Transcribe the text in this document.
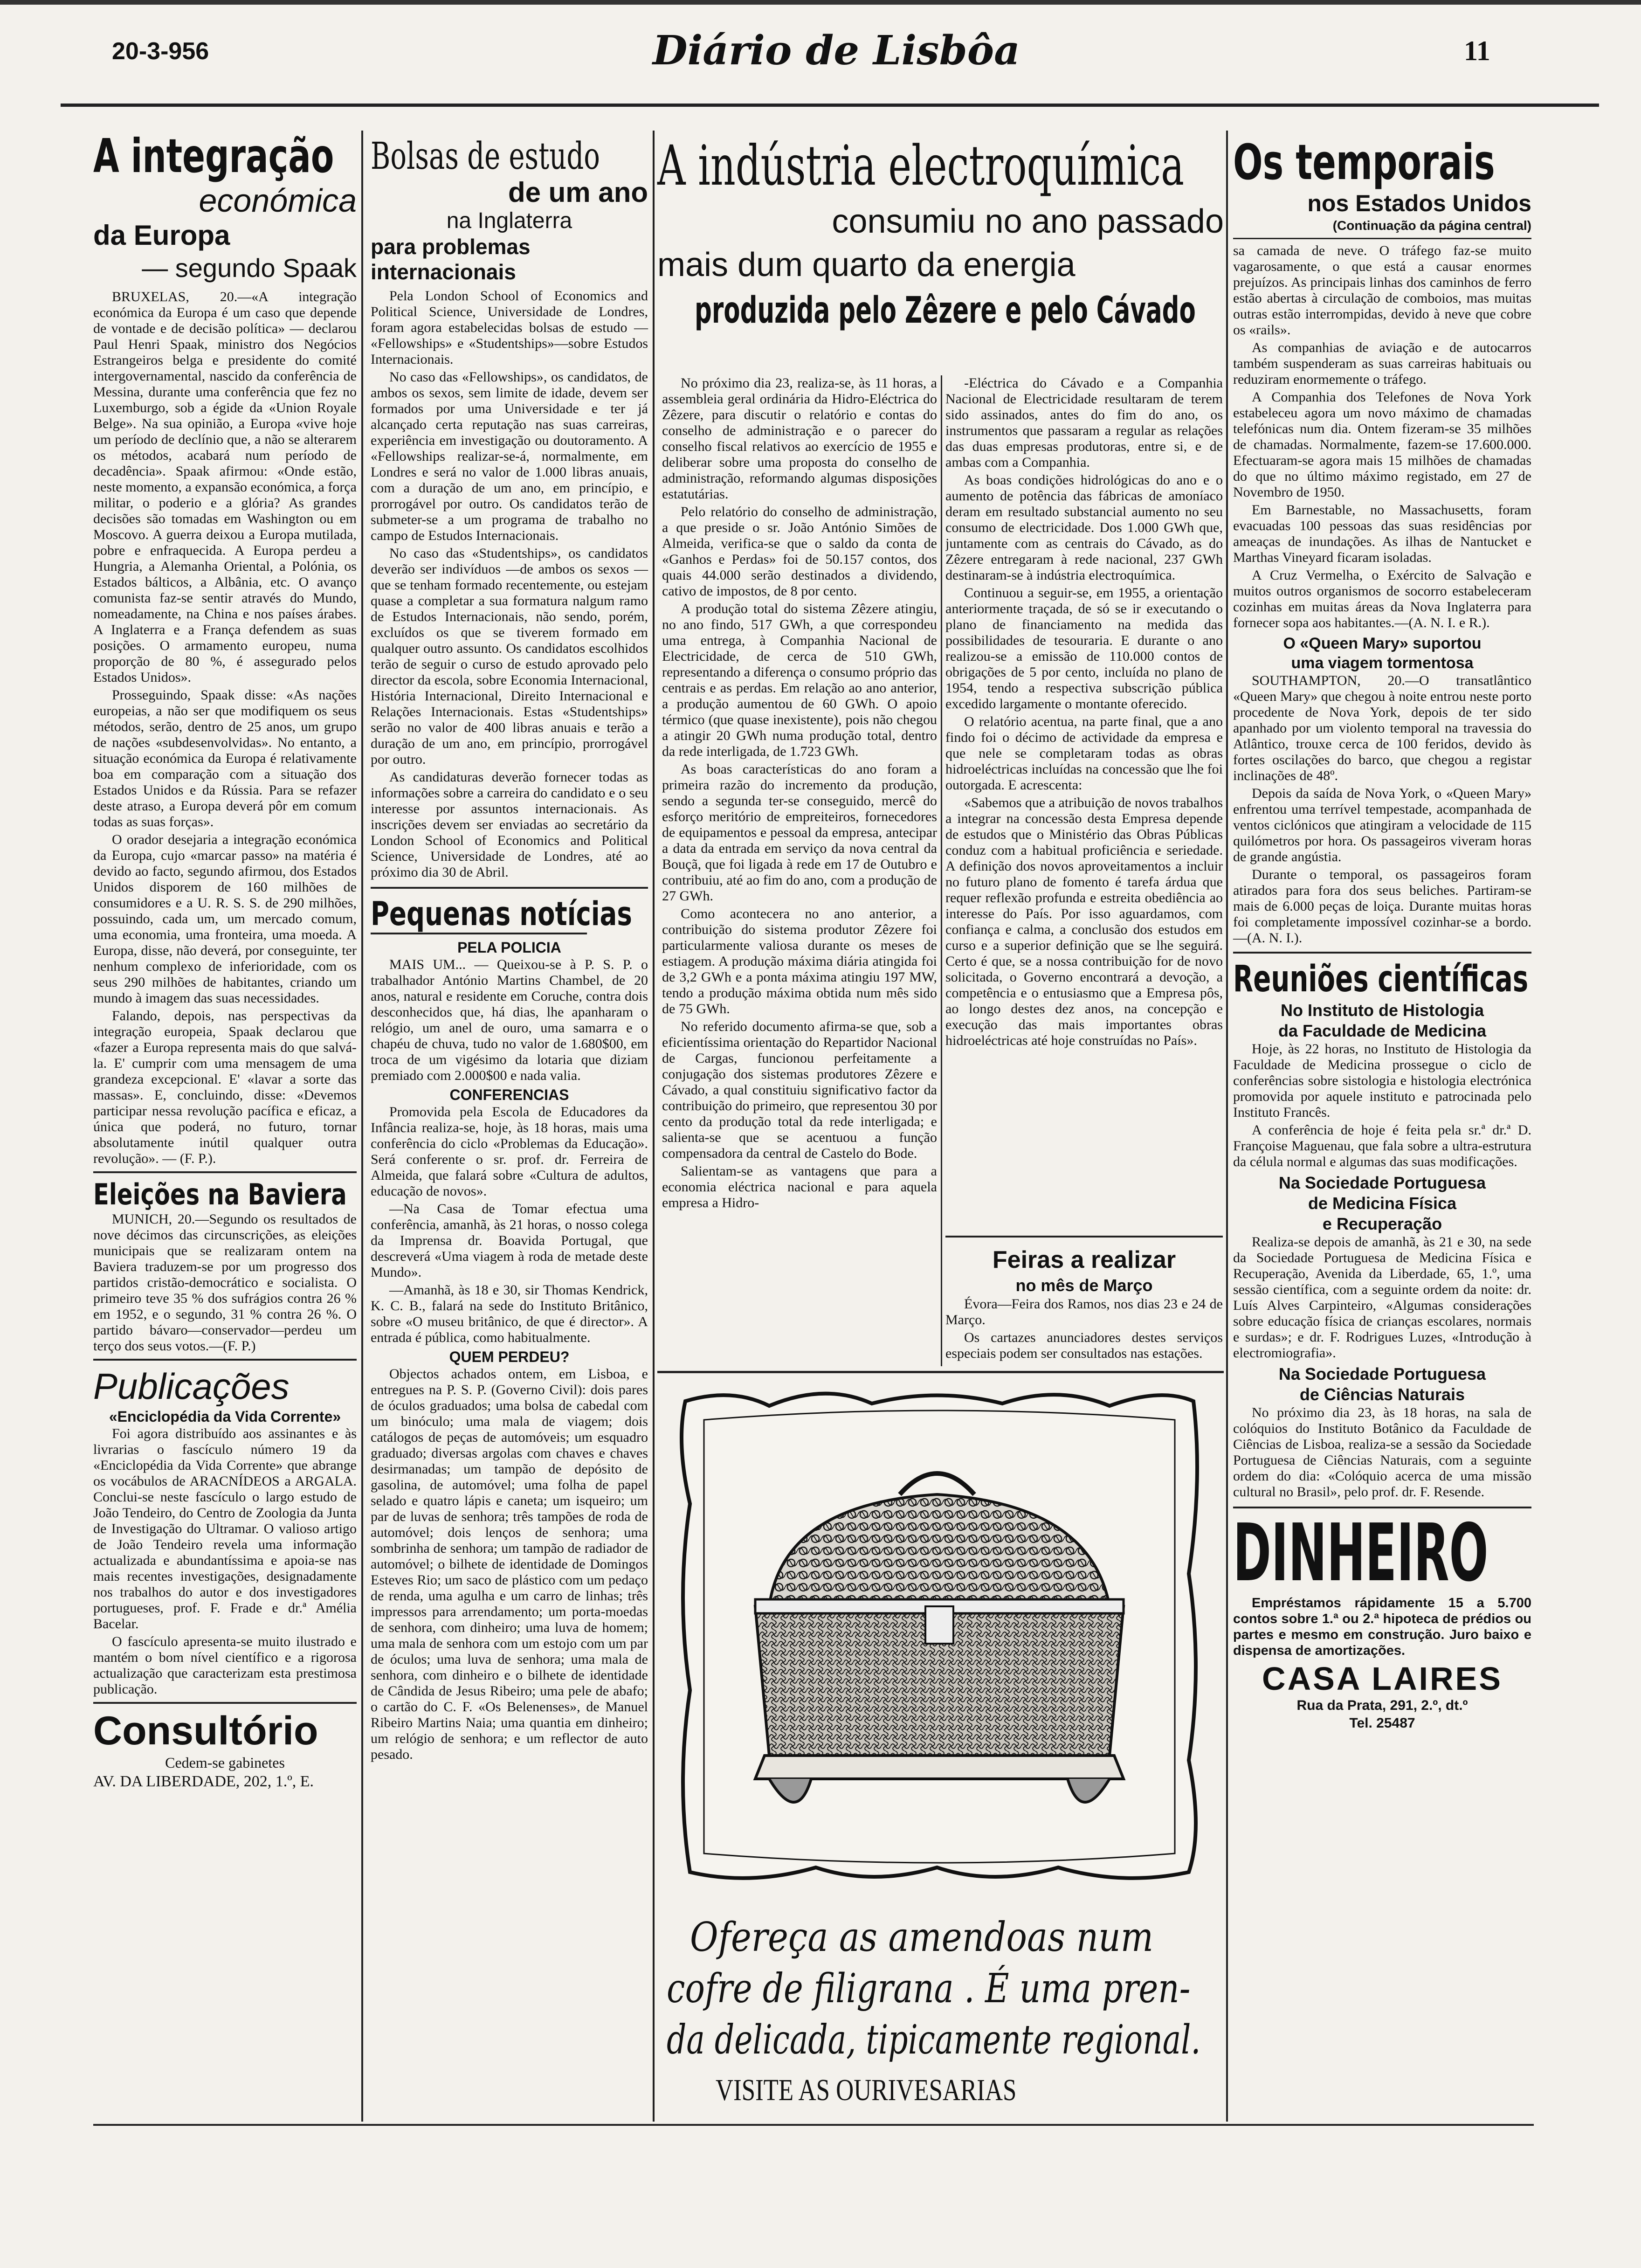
20-3-956	Diário de Lisbôa	11
A integração
económica
da Europa
— segundo Spaak

BRUXELAS, 20.—«A integração económica da Europa é um caso que depende de vontade e de decisão política» — declarou Paul Henri Spaak, ministro dos Negócios Estrangeiros belga e presidente do comité intergovernamental, nascido da conferência de Messina, durante uma conferência que fez no Luxemburgo, sob a égide da «Union Royale Belge». Na sua opinião, a Europa «vive hoje um período de declínio que, a não se alterarem os métodos, acabará num período de decadência». Spaak afirmou: «Onde estão, neste momento, a expansão económica, a força militar, o poderio e a glória? As grandes decisões são tomadas em Washington ou em Moscovo. A guerra deixou a Europa mutilada, pobre e enfraquecida. A Europa perdeu a Hungria, a Alemanha Oriental, a Polónia, os Estados bálticos, a Albânia, etc. O avanço comunista faz-se sentir através do Mundo, nomeadamente, na China e nos países árabes. A Inglaterra e a França defendem as suas posições. O armamento europeu, numa proporção de 80 %, é assegurado pelos Estados Unidos».

Prosseguindo, Spaak disse: «As nações europeias, a não ser que modifiquem os seus métodos, serão, dentro de 25 anos, um grupo de nações «subdesenvolvidas». No entanto, a situação económica da Europa é relativamente boa em comparação com a situação dos Estados Unidos e da Rússia. Para se refazer deste atraso, a Europa deverá pôr em comum todas as suas forças».

O orador desejaria a integração económica da Europa, cujo «marcar passo» na matéria é devido ao facto, segundo afirmou, dos Estados Unidos disporem de 160 milhões de consumidores e a U. R. S. S. de 290 milhões, possuindo, cada um, um mercado comum, uma economia, uma fronteira, uma moeda. A Europa, disse, não deverá, por conseguinte, ter nenhum complexo de inferioridade, com os seus 290 milhões de habitantes, criando um mundo à imagem das suas necessidades.

Falando, depois, nas perspectivas da integração europeia, Spaak declarou que «fazer a Europa representa mais do que salvá-la. E' cumprir com uma mensagem de uma grandeza excepcional. E' «lavar a sorte das massas». E, concluindo, disse: «Devemos participar nessa revolução pacífica e eficaz, a única que poderá, no futuro, tornar absolutamente inútil qualquer outra revolução». — (F. P.).

Eleições na Baviera

MUNICH, 20.—Segundo os resultados de nove décimos das circunscrições, as eleições municipais que se realizaram ontem na Baviera traduzem-se por um progresso dos partidos cristão-democrático e socialista. O primeiro teve 35 % dos sufrágios contra 26 % em 1952, e o segundo, 31 % contra 26 %. O partido bávaro—conservador—perdeu um terço dos seus votos.—(F. P.)

Publicações
«Enciclopédia da Vida Corrente»

Foi agora distribuído aos assinantes e às livrarias o fascículo número 19 da «Enciclopédia da Vida Corrente» que abrange os vocábulos de ARACNÍDEOS a ARGALA. Conclui-se neste fascículo o largo estudo de João Tendeiro, do Centro de Zoologia da Junta de Investigação do Ultramar. O valioso artigo de João Tendeiro revela uma informação actualizada e abundantíssima e apoia-se nas mais recentes investigações, designadamente nos trabalhos do autor e dos investigadores portugueses, prof. F. Frade e dr.ª Amélia Bacelar.

O fascículo apresenta-se muito ilustrado e mantém o bom nível científico e a rigorosa actualização que caracterizam esta prestimosa publicação.

Consultório
Cedem-se gabinetes
AV. DA LIBERDADE, 202, 1.º, E.
Bolsas de estudo
de um ano
na Inglaterra
para problemas
internacionais

Pela London School of Economics and Political Science, Universidade de Londres, foram agora estabelecidas bolsas de estudo — «Fellowships» e «Studentships»—sobre Estudos Internacionais.

No caso das «Fellowships», os candidatos, de ambos os sexos, sem limite de idade, devem ser formados por uma Universidade e ter já alcançado certa reputação nas suas carreiras, experiência em investigação ou doutoramento. A «Fellowships realizar-se-á, normalmente, em Londres e será no valor de 1.000 libras anuais, com a duração de um ano, em princípio, e prorrogável por outro. Os candidatos terão de submeter-se a um programa de trabalho no campo de Estudos Internacionais.

No caso das «Studentships», os candidatos deverão ser indivíduos —de ambos os sexos — que se tenham formado recentemente, ou estejam quase a completar a sua formatura nalgum ramo de Estudos Internacionais, não sendo, porém, excluídos os que se tiverem formado em qualquer outro assunto. Os candidatos escolhidos terão de seguir o curso de estudo aprovado pelo director da escola, sobre Economia Internacional, História Internacional, Direito Internacional e Relações Internacionais. Estas «Studentships» serão no valor de 400 libras anuais e terão a duração de um ano, em princípio, prorrogável por outro.

As candidaturas deverão fornecer todas as informações sobre a carreira do candidato e o seu interesse por assuntos internacionais. As inscrições devem ser enviadas ao secretário da London School of Economics and Political Science, Universidade de Londres, até ao próximo dia 30 de Abril.

Pequenas notícias
PELA POLICIA

MAIS UM... — Queixou-se à P. S. P. o trabalhador António Martins Chambel, de 20 anos, natural e residente em Coruche, contra dois desconhecidos que, há dias, lhe apanharam o relógio, um anel de ouro, uma samarra e o chapéu de chuva, tudo no valor de 1.680$00, em troca de um vigésimo da lotaria que diziam premiado com 2.000$00 e nada valia.

CONFERENCIAS

Promovida pela Escola de Educadores da Infância realiza-se, hoje, às 18 horas, mais uma conferência do ciclo «Problemas da Educação». Será conferente o sr. prof. dr. Ferreira de Almeida, que falará sobre «Cultura de adultos, educação de novos».

—Na Casa de Tomar efectua uma conferência, amanhã, às 21 horas, o nosso colega da Imprensa dr. Boavida Portugal, que descreverá «Uma viagem à roda de metade deste Mundo».

—Amanhã, às 18 e 30, sir Thomas Kendrick, K. C. B., falará na sede do Instituto Britânico, sobre «O museu britânico, de que é director». A entrada é pública, como habitualmente.

QUEM PERDEU?

Objectos achados ontem, em Lisboa, e entregues na P. S. P. (Governo Civil): dois pares de óculos graduados; uma bolsa de cabedal com um binóculo; uma mala de viagem; dois catálogos de peças de automóveis; um esquadro graduado; diversas argolas com chaves e chaves desirmanadas; um tampão de depósito de gasolina, de automóvel; uma folha de papel selado e quatro lápis e caneta; um isqueiro; um par de luvas de senhora; três tampões de roda de automóvel; dois lenços de senhora; uma sombrinha de senhora; um tampão de radiador de automóvel; o bilhete de identidade de Domingos Esteves Rio; um saco de plástico com um pedaço de renda, uma agulha e um carro de linhas; três impressos para arrendamento; um porta-moedas de senhora, com dinheiro; uma luva de homem; uma mala de senhora com um estojo com um par de óculos; uma luva de senhora; uma mala de senhora, com dinheiro e o bilhete de identidade de Cândida de Jesus Ribeiro; uma pele de abafo; o cartão do C. F. «Os Belenenses», de Manuel Ribeiro Martins Naia; uma quantia em dinheiro; um relógio de senhora; e um reflector de auto pesado.

A indústria electroquímica
consumiu no ano passado
mais dum quarto da energia
produzida pelo Zêzere e pelo Cávado

No próximo dia 23, realiza-se, às 11 horas, a assembleia geral ordinária da Hidro-Eléctrica do Zêzere, para discutir o relatório e contas do conselho de administração e o parecer do conselho fiscal relativos ao exercício de 1955 e deliberar sobre uma proposta do conselho de administração, reformando algumas disposições estatutárias.

Pelo relatório do conselho de administração, a que preside o sr. João António Simões de Almeida, verifica-se que o saldo da conta de «Ganhos e Perdas» foi de 50.157 contos, dos quais 44.000 serão destinados a dividendo, cativo de impostos, de 8 por cento.

A produção total do sistema Zêzere atingiu, no ano findo, 517 GWh, a que correspondeu uma entrega, à Companhia Nacional de Electricidade, de cerca de 510 GWh, representando a diferença o consumo próprio das centrais e as perdas. Em relação ao ano anterior, a produção aumentou de 60 GWh. O apoio térmico (que quase inexistente), pois não chegou a atingir 20 GWh numa produção total, dentro da rede interligada, de 1.723 GWh.

As boas características do ano foram a primeira razão do incremento da produção, sendo a segunda ter-se conseguido, mercê do esforço meritório de empreiteiros, fornecedores de equipamentos e pessoal da empresa, antecipar a data da entrada em serviço da nova central da Bouçã, que foi ligada à rede em 17 de Outubro e contribuiu, até ao fim do ano, com a produção de 27 GWh.

Como acontecera no ano anterior, a contribuição do sistema produtor Zêzere foi particularmente valiosa durante os meses de estiagem. A produção máxima diária atingida foi de 3,2 GWh e a ponta máxima atingiu 197 MW, tendo a produção máxima obtida num mês sido de 75 GWh.

No referido documento afirma-se que, sob a eficientíssima orientação do Repartidor Nacional de Cargas, funcionou perfeitamente a conjugação dos sistemas produtores Zêzere e Cávado, a qual constituiu significativo factor da contribuição do primeiro, que representou 30 por cento da produção total da rede interligada; e salienta-se que se acentuou a função compensadora da central de Castelo do Bode.

Salientam-se as vantagens que para a economia eléctrica nacional e para aquela empresa a Hidro-

-Eléctrica do Cávado e a Companhia Nacional de Electricidade resultaram de terem sido assinados, antes do fim do ano, os instrumentos que passaram a regular as relações das duas empresas produtoras, entre si, e de ambas com a Companhia.

As boas condições hidrológicas do ano e o aumento de potência das fábricas de amoníaco deram em resultado substancial aumento no seu consumo de electricidade. Dos 1.000 GWh que, juntamente com as centrais do Cávado, as do Zêzere entregaram à rede nacional, 237 GWh destinaram-se à indústria electroquímica.

Continuou a seguir-se, em 1955, a orientação anteriormente traçada, de só se ir executando o plano de financiamento na medida das possibilidades de tesouraria. E durante o ano realizou-se a emissão de 110.000 contos de obrigações de 5 por cento, incluída no plano de 1954, tendo a respectiva subscrição pública excedido largamente o montante oferecido.

O relatório acentua, na parte final, que a ano findo foi o décimo de actividade da empresa e que nele se completaram todas as obras hidroeléctricas incluídas na concessão que lhe foi outorgada. E acrescenta:

«Sabemos que a atribuição de novos trabalhos a integrar na concessão desta Empresa depende de estudos que o Ministério das Obras Públicas conduz com a habitual proficiência e seriedade. A definição dos novos aproveitamentos a incluir no futuro plano de fomento é tarefa árdua que requer reflexão profunda e estreita obediência ao interesse do País. Por isso aguardamos, com confiança e calma, a conclusão dos estudos em curso e a superior definição que se lhe seguirá. Certo é que, se a nossa contribuição for de novo solicitada, o Governo encontrará a devoção, a competência e o entusiasmo que a Empresa pôs, ao longo destes dez anos, na concepção e execução das mais importantes obras hidroeléctricas até hoje construídas no País».

Feiras a realizar
no mês de Março

Évora—Feira dos Ramos, nos dias 23 e 24 de Março.

Os cartazes anunciadores destes serviços especiais podem ser consultados nas estações.

Ofereça as amendoas num
cofre de filigrana . É uma pren-
da delicada, tipicamente regional.
VISITE AS OURIVESARIAS
Os temporais
nos Estados Unidos
(Continuação da página central)

sa camada de neve. O tráfego faz-se muito vagarosamente, o que está a causar enormes prejuízos. As principais linhas dos caminhos de ferro estão abertas à circulação de comboios, mas muitas outras estão interrompidas, devido à neve que cobre os «rails».

As companhias de aviação e de autocarros também suspenderam as suas carreiras habituais ou reduziram enormemente o tráfego.

A Companhia dos Telefones de Nova York estabeleceu agora um novo máximo de chamadas telefónicas num dia. Ontem fizeram-se 35 milhões de chamadas. Normalmente, fazem-se 17.600.000. Efectuaram-se agora mais 15 milhões de chamadas do que no último máximo registado, em 27 de Novembro de 1950.

Em Barnestable, no Massachusetts, foram evacuadas 100 pessoas das suas residências por ameaças de inundações. As ilhas de Nantucket e Marthas Vineyard ficaram isoladas.

A Cruz Vermelha, o Exército de Salvação e muitos outros organismos de socorro estabeleceram cozinhas em muitas áreas da Nova Inglaterra para fornecer sopa aos habitantes.—(A. N. I. e R.).

O «Queen Mary» suportou
uma viagem tormentosa

SOUTHAMPTON, 20.—O transatlântico «Queen Mary» que chegou à noite entrou neste porto procedente de Nova York, depois de ter sido apanhado por um violento temporal na travessia do Atlântico, trouxe cerca de 100 feridos, devido às fortes oscilações do barco, que chegou a registar inclinações de 48º.

Depois da saída de Nova York, o «Queen Mary» enfrentou uma terrível tempestade, acompanhada de ventos ciclónicos que atingiram a velocidade de 115 quilómetros por hora. Os passageiros viveram horas de grande angústia.

Durante o temporal, os passageiros foram atirados para fora dos seus beliches. Partiram-se mais de 6.000 peças de loiça. Durante muitas horas foi completamente impossível cozinhar-se a bordo.—(A. N. I.).

Reuniões científicas
No Instituto de Histologia
da Faculdade de Medicina

Hoje, às 22 horas, no Instituto de Histologia da Faculdade de Medicina prossegue o ciclo de conferências sobre sistologia e histologia electrónica promovida por aquele instituto e patrocinada pelo Instituto Francês.

A conferência de hoje é feita pela sr.ª dr.ª D. Françoise Maguenau, que fala sobre a ultra-estrutura da célula normal e algumas das suas modificações.

Na Sociedade Portuguesa
de Medicina Física
e Recuperação

Realiza-se depois de amanhã, às 21 e 30, na sede da Sociedade Portuguesa de Medicina Física e Recuperação, Avenida da Liberdade, 65, 1.º, uma sessão científica, com a seguinte ordem da noite: dr. Luís Alves Carpinteiro, «Algumas considerações sobre educação física de crianças escolares, normais e surdas»; e dr. F. Rodrigues Luzes, «Introdução à electromiografia».

Na Sociedade Portuguesa
de Ciências Naturais

No próximo dia 23, às 18 horas, na sala de colóquios do Instituto Botânico da Faculdade de Ciências de Lisboa, realiza-se a sessão da Sociedade Portuguesa de Ciências Naturais, com a seguinte ordem do dia: «Colóquio acerca de uma missão cultural no Brasil», pelo prof. dr. F. Resende.

DINHEIRO

Empréstamos rápidamente 15 a 5.700 contos sobre 1.ª ou 2.ª hipoteca de prédios ou partes e mesmo em construção. Juro baixo e dispensa de amortizações.

CASA LAIRES
Rua da Prata, 291, 2.º, dt.º
Tel. 25487
